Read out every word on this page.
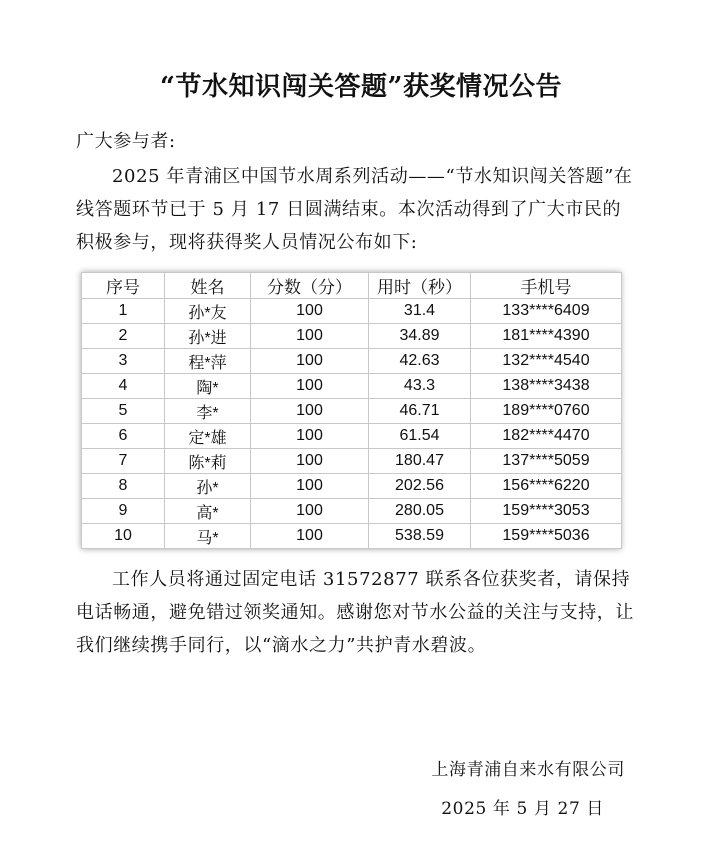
“节水知识闯关答题”获奖情况公告
广大参与者:
2025 年青浦区中国节水周系列活动——“节水知识闯关答题”在线答题环节已于 5 月 17 日圆满结束。本次活动得到了广大市民的积极参与，现将获得奖人员情况公布如下:
序号	姓名	分数（分）	用时（秒）	手机号
1	孙*友	100	31.4	133****6409
2	孙*进	100	34.89	181****4390
3	程*萍	100	42.63	132****4540
4	陶*	100	43.3	138****3438
5	李*	100	46.71	189****0760
6	定*雄	100	61.54	182****4470
7	陈*莉	100	180.47	137****5059
8	孙*	100	202.56	156****6220
9	高*	100	280.05	159****3053
10	马*	100	538.59	159****5036
工作人员将通过固定电话 31572877 联系各位获奖者，请保持电话畅通，避免错过领奖通知。感谢您对节水公益的关注与支持，让我们继续携手同行，以“滴水之力”共护青水碧波。
上海青浦自来水有限公司
2025 年 5 月 27 日
